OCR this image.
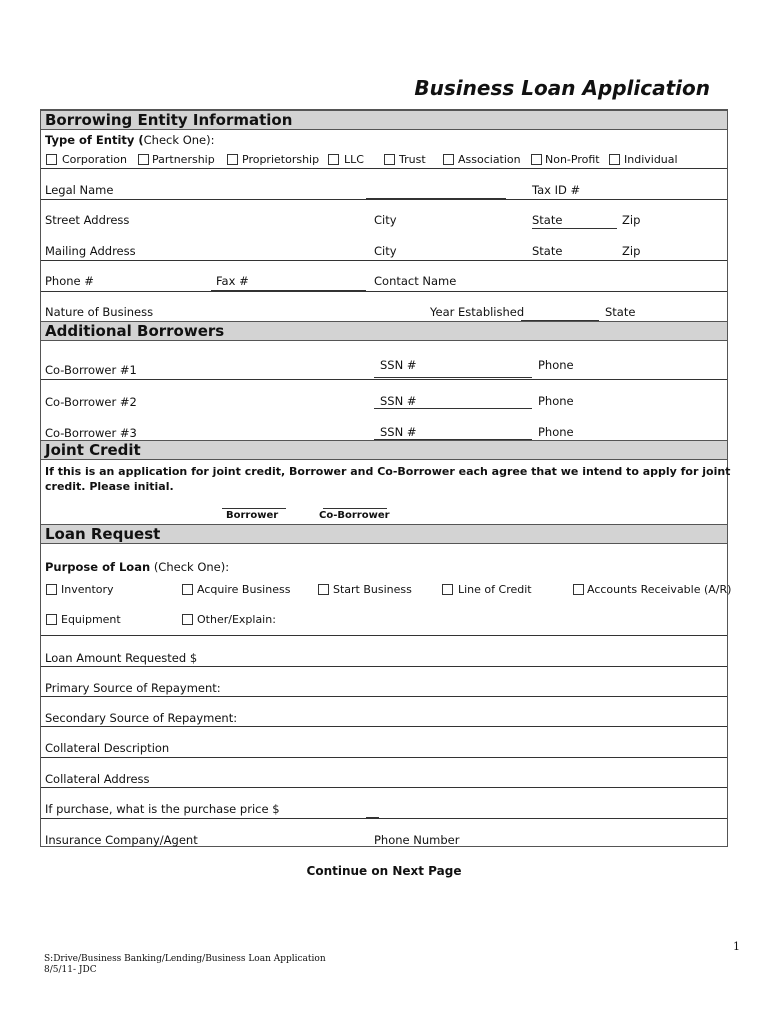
Business Loan Application
Borrowing Entity Information
Type of Entity (Check One):
Corporation Partnership Proprietorship LLC	Trust	Association Non-Profit Individual
Legal Name	Tax ID #
Street Address	City	State	Zip
Mailing Address	City	State	Zip
Phone #	Fax #	Contact Name
Nature of Business	Year Established	State
Additional Borrowers
Co-Borrower #1	SSN #	Phone
Co-Borrower #2	SSN #	Phone
Co-Borrower #3	SSN #	Phone
Joint Credit
If this is an application for joint credit, Borrower and Co-Borrower each agree that we intend to apply for joint
credit. Please initial.
Borrower	Co-Borrower
Loan Request
Purpose of Loan (Check One):
Inventory	Acquire Business	Start Business	Line of Credit	Accounts Receivable (A/R)
Equipment	Other/Explain:
Loan Amount Requested $
Primary Source of Repayment:
Secondary Source of Repayment:
Collateral Description
Collateral Address
If purchase, what is the purchase price $
Insurance Company/Agent	Phone Number
Continue on Next Page
S:Drive/Business Banking/Lending/Business Loan Application
8/5/11- JDC
1
